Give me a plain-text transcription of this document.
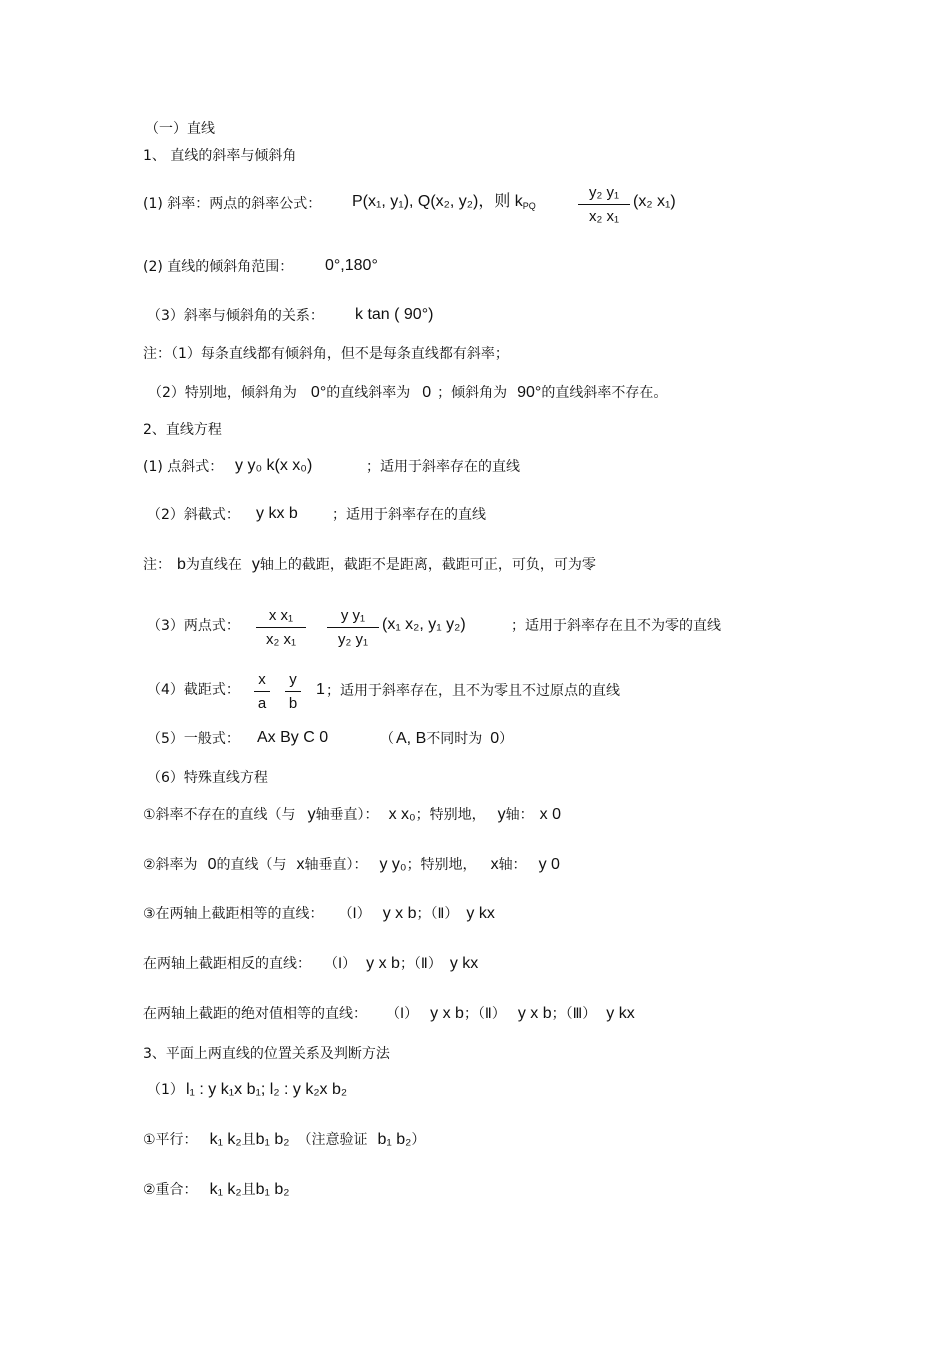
（一）直线
1、 直线的斜率与倾斜角
(1) 斜率：两点的斜率公式： P(x₁, y₁), Q(x₂, y₂)，则 $k_{PQ}$
y₂ y₁
x₂ x₁
(x₂ x₁)
(2) 直线的倾斜角范围： 0°,180°
（3）斜率与倾斜角的关系： k tan ( 90°)
注：（1）每条直线都有倾斜角，但不是每条直线都有斜率；
（2）特别地，倾斜角为 0°的直线斜率为 0 ；倾斜角为 90°的直线斜率不存在。
2、直线方程
(1) 点斜式： y y₀ k(x x₀)	；适用于斜率存在的直线
（2）斜截式： y kx b ；适用于斜率存在的直线
注： b为直线在 y轴上的截距，截距不是距离，截距可正，可负，可为零
（3）两点式：
x x₁
x₂ x₁
y y₁
y₂ y₁
(x₁ x₂, y₁ y₂)	；适用于斜率存在且不为零的直线
（4）截距式：
x
a
y
b
1 ；适用于斜率存在，且不为零且不过原点的直线
（5）一般式： Ax By C 0	（ A, B不同时为 0）
（6）特殊直线方程
①斜率不存在的直线（与 y轴垂直）： x x₀；特别地， y轴： x 0
②斜率为 0的直线（与 x轴垂直）： y y₀；特别地， x轴： y 0
③在两轴上截距相等的直线： （Ⅰ） y x b；（Ⅱ） y kx
在两轴上截距相反的直线： （Ⅰ） y x b；（Ⅱ） y kx
在两轴上截距的绝对值相等的直线： （Ⅰ） y x b；（Ⅱ） y x b；（Ⅲ） y kx
3、平面上两直线的位置关系及判断方法
（1） l₁ : y k₁x b₁; l₂ : y k₂x b₂
①平行： k₁ k₂且b₁ b₂ （注意验证 b₁ b₂）
②重合： k₁ k₂且b₁ b₂
